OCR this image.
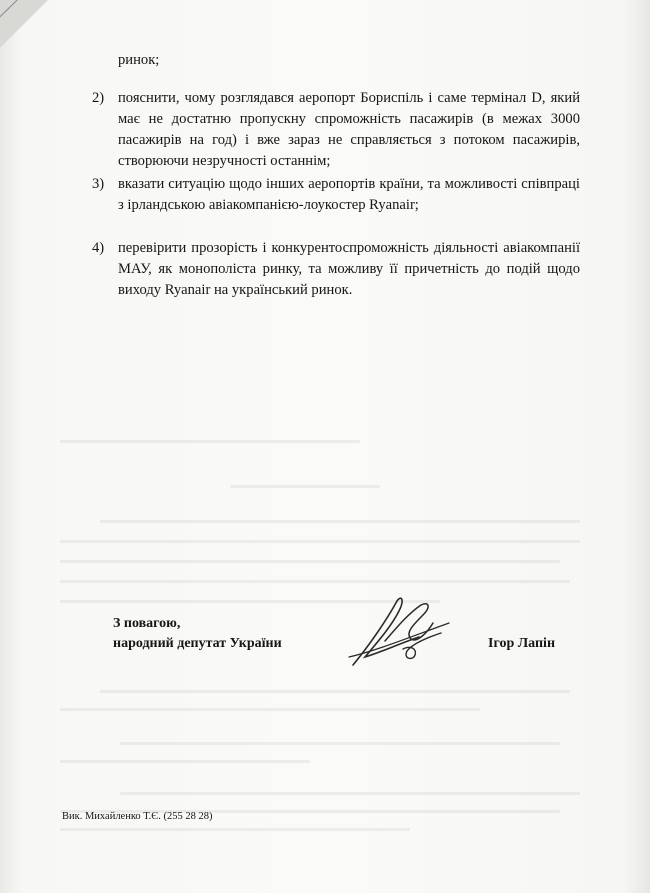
ринок;
2) пояснити, чому розглядався аеропорт Бориспіль і саме термінал D, який має не достатню пропускну спроможність пасажирів (в межах 3000 пасажирів на год) і вже зараз не справляється з потоком пасажирів, створюючи незручності останнім;
3) вказати ситуацію щодо інших аеропортів країни, та можливості співпраці з ірландською авіакомпанією-лоукостер Ryanair;
4) перевірити прозорість і конкурентоспроможність діяльності авіакомпанії МАУ, як монополіста ринку, та можливу її причетність до подій щодо виходу Ryanair на український ринок.
З повагою,
народний депутат України	Ігор Лапін
Вик. Михайленко Т.Є. (255 28 28)
